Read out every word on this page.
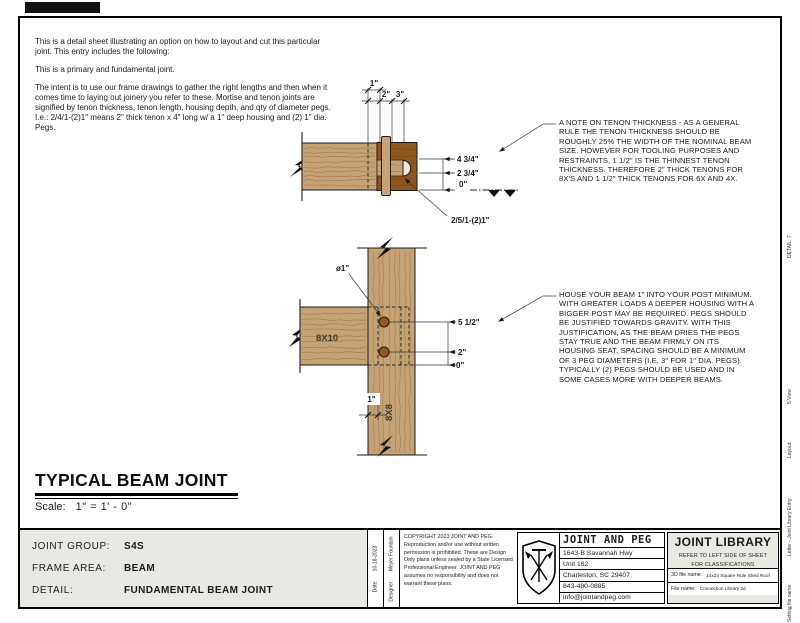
1"
2" 3"
4 3/4"
2 3/4"
0"
2/5/1-(2)1"
5 1/2"
2"
0"
ø1"
8X10
8X8
1"

This is a detail sheet illustrating an option on how to layout and cut this particular joint. This entry includes the following:

This is a primary and fundamental joint.

The intent is to use our frame drawings to gather the right lengths and then when it comes time to laying out joinery you refer to these. Mortise and tenon joints are signified by tenon thickness, tenon length, housing depth, and qty of diameter pegs. I.e.: 2/4/1-(2)1" means 2" thick tenon x 4" long w/ a 1" deep housing and (2) 1" dia. Pegs.

A NOTE ON TENON THICKNESS - AS A GENERAL RULE THE TENON THICKNESS SHOULD BE ROUGHLY 25% THE WIDTH OF THE NOMINAL BEAM SIZE. HOWEVER FOR TOOLING PURPOSES AND RESTRAINTS, 1 1/2" IS THE THINNEST TENON THICKNESS. THEREFORE 2" THICK TENONS FOR 8X'S AND 1 1/2" THICK TENONS FOR 6X AND 4X.
HOUSE YOUR BEAM 1" INTO YOUR POST MINIMUM. WITH GREATER LOADS A DEEPER HOUSING WITH A BIGGER POST MAY BE REQUIRED. PEGS SHOULD BE JUSTIFIED TOWARDS GRAVITY. WITH THIS JUSTIFICATION, AS THE BEAM DRIES THE PEGS STAY TRUE AND THE BEAM FIRMLY ON ITS HOUSING SEAT. SPACING SHOULD BE A MINIMUM OF 3 PEG DIAMETERS (I.E. 3" FOR 1" DIA. PEGS). TYPICALLY (2) PEGS SHOULD BE USED AND IN SOME CASES MORE WITH DEEPER BEAMS.
TYPICAL BEAM JOINT
Scale: 1" = 1' - 0"
JOINT GROUP: S4S
FRAME AREA: BEAM
DETAIL:	FUNDAMENTAL BEAM JOINT	Date:
10-18-2023
Designer:
Meyer Fountain COPYRIGHT 2023 JOINT AND PEG. Reproduction and/or use without written permission is prohibited. These are Design Only plans unless sealed by a State Licensed Professional Engineer. JOINT AND PEG assumes no responsibility and does not warrant these plans.
JOINT AND PEG
1643-B Savannah Hwy
Unit 162
Charleston, SC 29407
843-480-0885
info@jointandpeg.com
JOINT LIBRARY
REFER TO LEFT SIDE OF SHEET
FOR CLASSIFICATIONS
3D file name: 14x24 Square Rule Shed Roof
File name: Connection Library 2d
DETAIL: 7
5 View
Layout:
Letter - Joint Library Entry
Setting file name:
